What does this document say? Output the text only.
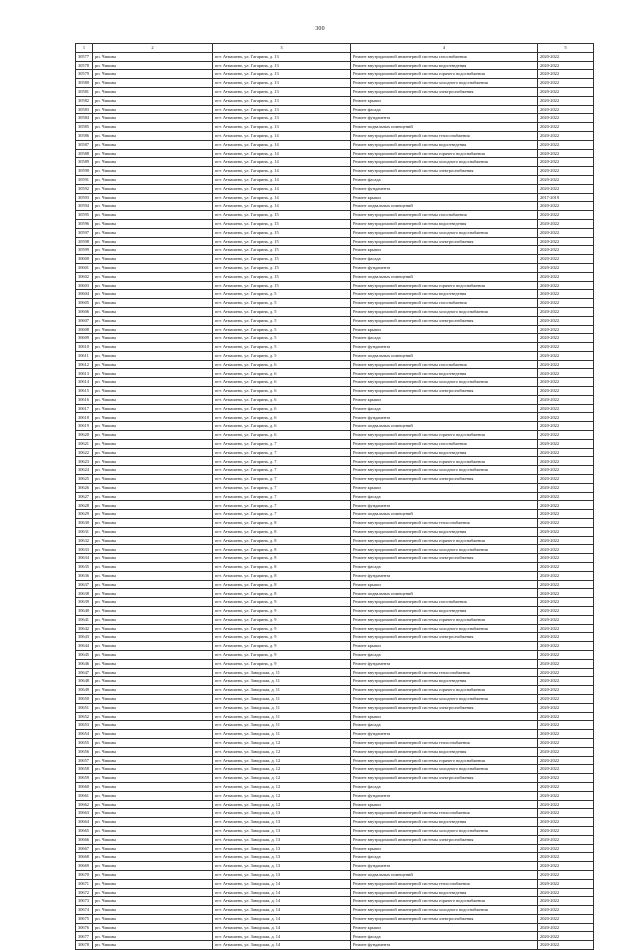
300
1	2	3	4	5
30577	рп. Чишмы	пгт. Атмашево, ул. Гагарина, д. 13	Ремонт внутридомовой инженерной системы газоснабжения	2020-2022
30578	рп. Чишмы	пгт. Атмашево, ул. Гагарина, д. 13	Ремонт внутридомовой инженерной системы водоотведения	2020-2022
30579	рп. Чишмы	пгт. Атмашево, ул. Гагарина, д. 13	Ремонт внутридомовой инженерной системы горячего водоснабжения	2020-2022
30580	рп. Чишмы	пгт. Атмашево, ул. Гагарина, д. 13	Ремонт внутридомовой инженерной системы холодного водоснабжения	2020-2022
30581	рп. Чишмы	пгт. Атмашево, ул. Гагарина, д. 13	Ремонт внутридомовой инженерной системы электроснабжения	2020-2022
30582	рп. Чишмы	пгт. Атмашево, ул. Гагарина, д. 13	Ремонт крыши	2020-2022
30583	рп. Чишмы	пгт. Атмашево, ул. Гагарина, д. 13	Ремонт фасада	2020-2022
30584	рп. Чишмы	пгт. Атмашево, ул. Гагарина, д. 13	Ремонт фундамента	2020-2022
30585	рп. Чишмы	пгт. Атмашево, ул. Гагарина, д. 13	Ремонт подвальных помещений	2020-2022
30586	рп. Чишмы	пгт. Атмашево, ул. Гагарина, д. 14	Ремонт внутридомовой инженерной системы теплоснабжения	2020-2022
30587	рп. Чишмы	пгт. Атмашево, ул. Гагарина, д. 14	Ремонт внутридомовой инженерной системы водоотведения	2020-2022
30588	рп. Чишмы	пгт. Атмашево, ул. Гагарина, д. 14	Ремонт внутридомовой инженерной системы горячего водоснабжения	2020-2022
30589	рп. Чишмы	пгт. Атмашево, ул. Гагарина, д. 14	Ремонт внутридомовой инженерной системы холодного водоснабжения	2020-2022
30590	рп. Чишмы	пгт. Атмашево, ул. Гагарина, д. 14	Ремонт внутридомовой инженерной системы электроснабжения	2020-2022
30591	рп. Чишмы	пгт. Атмашево, ул. Гагарина, д. 14	Ремонт фасада	2020-2022
30592	рп. Чишмы	пгт. Атмашево, ул. Гагарина, д. 14	Ремонт фундамента	2020-2022
30593	рп. Чишмы	пгт. Атмашево, ул. Гагарина, д. 14	Ремонт крыши	2017-2019
30594	рп. Чишмы	пгт. Атмашево, ул. Гагарина, д. 14	Ремонт подвальных помещений	2020-2022
30595	рп. Чишмы	пгт. Атмашево, ул. Гагарина, д. 15	Ремонт внутридомовой инженерной системы газоснабжения	2020-2022
30596	рп. Чишмы	пгт. Атмашево, ул. Гагарина, д. 15	Ремонт внутридомовой инженерной системы водоотведения	2020-2022
30597	рп. Чишмы	пгт. Атмашево, ул. Гагарина, д. 15	Ремонт внутридомовой инженерной системы холодного водоснабжения	2020-2022
30598	рп. Чишмы	пгт. Атмашево, ул. Гагарина, д. 15	Ремонт внутридомовой инженерной системы электроснабжения	2020-2022
30599	рп. Чишмы	пгт. Атмашево, ул. Гагарина, д. 15	Ремонт крыши	2020-2022
30600	рп. Чишмы	пгт. Атмашево, ул. Гагарина, д. 15	Ремонт фасада	2020-2022
30601	рп. Чишмы	пгт. Атмашево, ул. Гагарина, д. 15	Ремонт фундамента	2020-2022
30602	рп. Чишмы	пгт. Атмашево, ул. Гагарина, д. 15	Ремонт подвальных помещений	2020-2022
30603	рп. Чишмы	пгт. Атмашево, ул. Гагарина, д. 15	Ремонт внутридомовой инженерной системы горячего водоснабжения	2020-2022
30604	рп. Чишмы	пгт. Атмашево, ул. Гагарина, д. 5	Ремонт внутридомовой инженерной системы водоотведения	2020-2022
30605	рп. Чишмы	пгт. Атмашево, ул. Гагарина, д. 5	Ремонт внутридомовой инженерной системы газоснабжения	2020-2022
30606	рп. Чишмы	пгт. Атмашево, ул. Гагарина, д. 5	Ремонт внутридомовой инженерной системы холодного водоснабжения	2020-2022
30607	рп. Чишмы	пгт. Атмашево, ул. Гагарина, д. 5	Ремонт внутридомовой инженерной системы электроснабжения	2020-2022
30608	рп. Чишмы	пгт. Атмашево, ул. Гагарина, д. 5	Ремонт крыши	2020-2022
30609	рп. Чишмы	пгт. Атмашево, ул. Гагарина, д. 5	Ремонт фасада	2020-2022
30610	рп. Чишмы	пгт. Атмашево, ул. Гагарина, д. 5	Ремонт фундамента	2020-2022
30611	рп. Чишмы	пгт. Атмашево, ул. Гагарина, д. 5	Ремонт подвальных помещений	2020-2022
30612	рп. Чишмы	пгт. Атмашево, ул. Гагарина, д. 6	Ремонт внутридомовой инженерной системы газоснабжения	2020-2022
30613	рп. Чишмы	пгт. Атмашево, ул. Гагарина, д. 6	Ремонт внутридомовой инженерной системы водоотведения	2020-2022
30614	рп. Чишмы	пгт. Атмашево, ул. Гагарина, д. 6	Ремонт внутридомовой инженерной системы холодного водоснабжения	2020-2022
30615	рп. Чишмы	пгт. Атмашево, ул. Гагарина, д. 6	Ремонт внутридомовой инженерной системы электроснабжения	2020-2022
30616	рп. Чишмы	пгт. Атмашево, ул. Гагарина, д. 6	Ремонт крыши	2020-2022
30617	рп. Чишмы	пгт. Атмашево, ул. Гагарина, д. 6	Ремонт фасада	2020-2022
30618	рп. Чишмы	пгт. Атмашево, ул. Гагарина, д. 6	Ремонт фундамента	2020-2022
30619	рп. Чишмы	пгт. Атмашево, ул. Гагарина, д. 6	Ремонт подвальных помещений	2020-2022
30620	рп. Чишмы	пгт. Атмашево, ул. Гагарина, д. 6	Ремонт внутридомовой инженерной системы горячего водоснабжения	2020-2022
30621	рп. Чишмы	пгт. Атмашево, ул. Гагарина, д. 7	Ремонт внутридомовой инженерной системы газоснабжения	2020-2022
30622	рп. Чишмы	пгт. Атмашево, ул. Гагарина, д. 7	Ремонт внутридомовой инженерной системы водоотведения	2020-2022
30623	рп. Чишмы	пгт. Атмашево, ул. Гагарина, д. 7	Ремонт внутридомовой инженерной системы горячего водоснабжения	2020-2022
30624	рп. Чишмы	пгт. Атмашево, ул. Гагарина, д. 7	Ремонт внутридомовой инженерной системы холодного водоснабжения	2020-2022
30625	рп. Чишмы	пгт. Атмашево, ул. Гагарина, д. 7	Ремонт внутридомовой инженерной системы электроснабжения	2020-2022
30626	рп. Чишмы	пгт. Атмашево, ул. Гагарина, д. 7	Ремонт крыши	2020-2022
30627	рп. Чишмы	пгт. Атмашево, ул. Гагарина, д. 7	Ремонт фасада	2020-2022
30628	рп. Чишмы	пгт. Атмашево, ул. Гагарина, д. 7	Ремонт фундамента	2020-2022
30629	рп. Чишмы	пгт. Атмашево, ул. Гагарина, д. 7	Ремонт подвальных помещений	2020-2022
30630	рп. Чишмы	пгт. Атмашево, ул. Гагарина, д. 8	Ремонт внутридомовой инженерной системы теплоснабжения	2020-2022
30631	рп. Чишмы	пгт. Атмашево, ул. Гагарина, д. 8	Ремонт внутридомовой инженерной системы водоотведения	2020-2022
30632	рп. Чишмы	пгт. Атмашево, ул. Гагарина, д. 8	Ремонт внутридомовой инженерной системы горячего водоснабжения	2020-2022
30633	рп. Чишмы	пгт. Атмашево, ул. Гагарина, д. 8	Ремонт внутридомовой инженерной системы холодного водоснабжения	2020-2022
30634	рп. Чишмы	пгт. Атмашево, ул. Гагарина, д. 8	Ремонт внутридомовой инженерной системы электроснабжения	2020-2022
30635	рп. Чишмы	пгт. Атмашево, ул. Гагарина, д. 8	Ремонт фасада	2020-2022
30636	рп. Чишмы	пгт. Атмашево, ул. Гагарина, д. 8	Ремонт фундамента	2020-2022
30637	рп. Чишмы	пгт. Атмашево, ул. Гагарина, д. 8	Ремонт крыши	2020-2022
30638	рп. Чишмы	пгт. Атмашево, ул. Гагарина, д. 8	Ремонт подвальных помещений	2020-2022
30639	рп. Чишмы	пгт. Атмашево, ул. Гагарина, д. 9	Ремонт внутридомовой инженерной системы газоснабжения	2020-2022
30640	рп. Чишмы	пгт. Атмашево, ул. Гагарина, д. 9	Ремонт внутридомовой инженерной системы водоотведения	2020-2022
30641	рп. Чишмы	пгт. Атмашево, ул. Гагарина, д. 9	Ремонт внутридомовой инженерной системы горячего водоснабжения	2020-2022
30642	рп. Чишмы	пгт. Атмашево, ул. Гагарина, д. 9	Ремонт внутридомовой инженерной системы холодного водоснабжения	2020-2022
30643	рп. Чишмы	пгт. Атмашево, ул. Гагарина, д. 9	Ремонт внутридомовой инженерной системы электроснабжения	2020-2022
30644	рп. Чишмы	пгт. Атмашево, ул. Гагарина, д. 9	Ремонт крыши	2020-2022
30645	рп. Чишмы	пгт. Атмашево, ул. Гагарина, д. 9	Ремонт фасада	2020-2022
30646	рп. Чишмы	пгт. Атмашево, ул. Гагарина, д. 9	Ремонт фундамента	2020-2022
30647	рп. Чишмы	пгт. Атмашево, ул. Заводская, д. 11	Ремонт внутридомовой инженерной системы теплоснабжения	2020-2022
30648	рп. Чишмы	пгт. Атмашево, ул. Заводская, д. 11	Ремонт внутридомовой инженерной системы водоотведения	2020-2022
30649	рп. Чишмы	пгт. Атмашево, ул. Заводская, д. 11	Ремонт внутридомовой инженерной системы горячего водоснабжения	2020-2022
30650	рп. Чишмы	пгт. Атмашево, ул. Заводская, д. 11	Ремонт внутридомовой инженерной системы холодного водоснабжения	2020-2022
30651	рп. Чишмы	пгт. Атмашево, ул. Заводская, д. 11	Ремонт внутридомовой инженерной системы электроснабжения	2020-2022
30652	рп. Чишмы	пгт. Атмашево, ул. Заводская, д. 11	Ремонт крыши	2020-2022
30653	рп. Чишмы	пгт. Атмашево, ул. Заводская, д. 11	Ремонт фасада	2020-2022
30654	рп. Чишмы	пгт. Атмашево, ул. Заводская, д. 11	Ремонт фундамента	2020-2022
30655	рп. Чишмы	пгт. Атмашево, ул. Заводская, д. 12	Ремонт внутридомовой инженерной системы теплоснабжения	2020-2022
30656	рп. Чишмы	пгт. Атмашево, ул. Заводская, д. 12	Ремонт внутридомовой инженерной системы водоотведения	2020-2022
30657	рп. Чишмы	пгт. Атмашево, ул. Заводская, д. 12	Ремонт внутридомовой инженерной системы горячего водоснабжения	2020-2022
30658	рп. Чишмы	пгт. Атмашево, ул. Заводская, д. 12	Ремонт внутридомовой инженерной системы холодного водоснабжения	2020-2022
30659	рп. Чишмы	пгт. Атмашево, ул. Заводская, д. 12	Ремонт внутридомовой инженерной системы электроснабжения	2020-2022
30660	рп. Чишмы	пгт. Атмашево, ул. Заводская, д. 12	Ремонт фасада	2020-2022
30661	рп. Чишмы	пгт. Атмашево, ул. Заводская, д. 12	Ремонт фундамента	2020-2022
30662	рп. Чишмы	пгт. Атмашево, ул. Заводская, д. 12	Ремонт крыши	2020-2022
30663	рп. Чишмы	пгт. Атмашево, ул. Заводская, д. 13	Ремонт внутридомовой инженерной системы теплоснабжения	2020-2022
30664	рп. Чишмы	пгт. Атмашево, ул. Заводская, д. 13	Ремонт внутридомовой инженерной системы водоотведения	2020-2022
30665	рп. Чишмы	пгт. Атмашево, ул. Заводская, д. 13	Ремонт внутридомовой инженерной системы холодного водоснабжения	2020-2022
30666	рп. Чишмы	пгт. Атмашево, ул. Заводская, д. 13	Ремонт внутридомовой инженерной системы электроснабжения	2020-2022
30667	рп. Чишмы	пгт. Атмашево, ул. Заводская, д. 13	Ремонт крыши	2020-2022
30668	рп. Чишмы	пгт. Атмашево, ул. Заводская, д. 13	Ремонт фасада	2020-2022
30669	рп. Чишмы	пгт. Атмашево, ул. Заводская, д. 13	Ремонт фундамента	2020-2022
30670	рп. Чишмы	пгт. Атмашево, ул. Заводская, д. 13	Ремонт подвальных помещений	2020-2022
30671	рп. Чишмы	пгт. Атмашево, ул. Заводская, д. 14	Ремонт внутридомовой инженерной системы теплоснабжения	2020-2022
30672	рп. Чишмы	пгт. Атмашево, ул. Заводская, д. 14	Ремонт внутридомовой инженерной системы водоотведения	2020-2022
30673	рп. Чишмы	пгт. Атмашево, ул. Заводская, д. 14	Ремонт внутридомовой инженерной системы горячего водоснабжения	2020-2022
30674	рп. Чишмы	пгт. Атмашево, ул. Заводская, д. 14	Ремонт внутридомовой инженерной системы холодного водоснабжения	2020-2022
30675	рп. Чишмы	пгт. Атмашево, ул. Заводская, д. 14	Ремонт внутридомовой инженерной системы электроснабжения	2020-2022
30676	рп. Чишмы	пгт. Атмашево, ул. Заводская, д. 14	Ремонт крыши	2020-2022
30677	рп. Чишмы	пгт. Атмашево, ул. Заводская, д. 14	Ремонт фасада	2020-2022
30678	рп. Чишмы	пгт. Атмашево, ул. Заводская, д. 14	Ремонт фундамента	2020-2022
